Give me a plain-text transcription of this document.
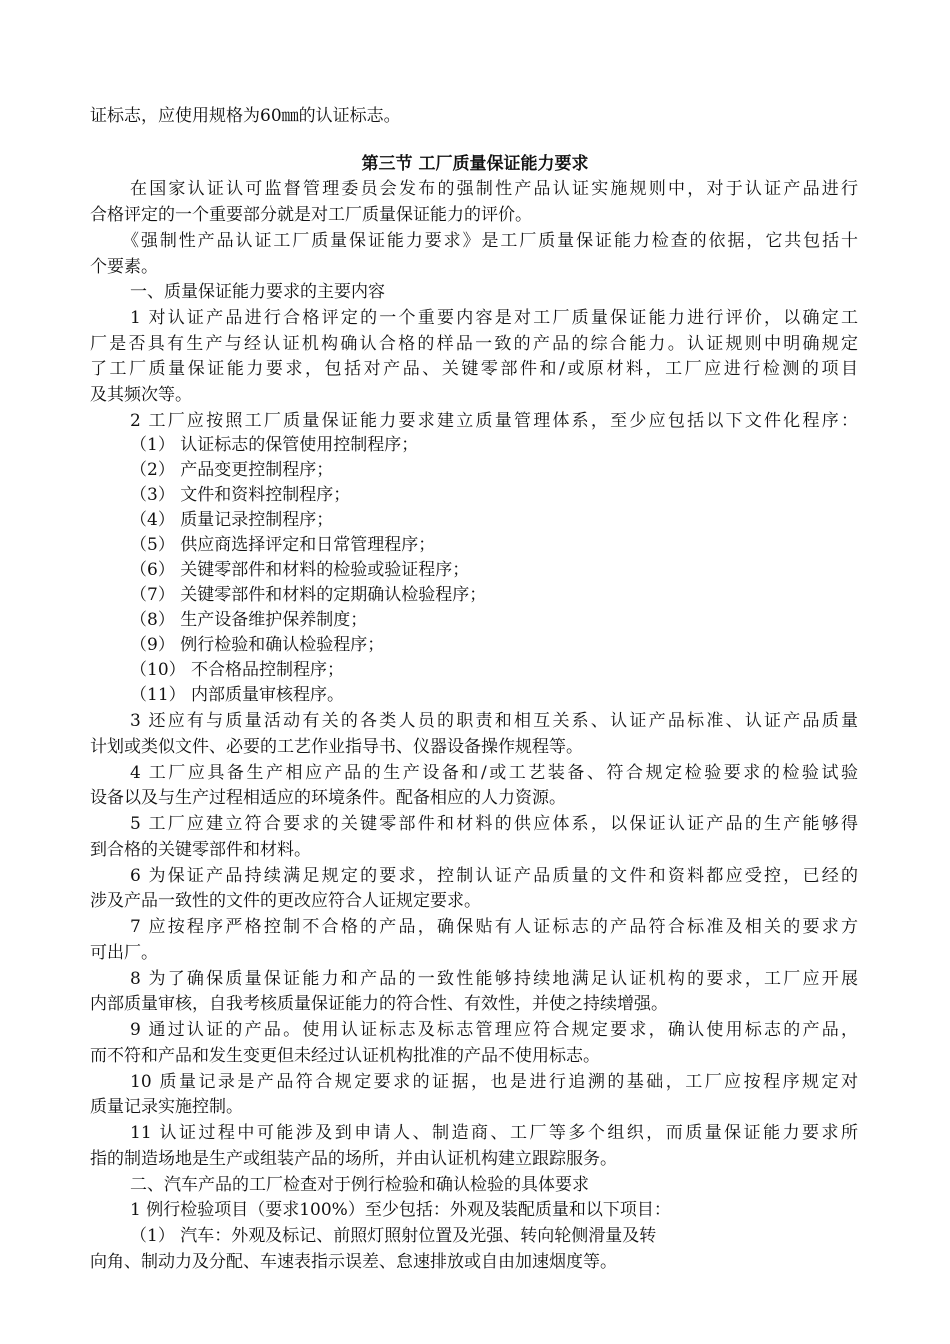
证标志，应使用规格为60㎜的认证标志。
第三节 工厂质量保证能力要求
在国家认证认可监督管理委员会发布的强制性产品认证实施规则中，对于认证产品进行
合格评定的一个重要部分就是对工厂质量保证能力的评价。
《强制性产品认证工厂质量保证能力要求》是工厂质量保证能力检查的依据，它共包括十
个要素。
一、质量保证能力要求的主要内容
1 对认证产品进行合格评定的一个重要内容是对工厂质量保证能力进行评价，以确定工
厂是否具有生产与经认证机构确认合格的样品一致的产品的综合能力。认证规则中明确规定
了工厂质量保证能力要求，包括对产品、关键零部件和/或原材料，工厂应进行检测的项目
及其频次等。
2 工厂应按照工厂质量保证能力要求建立质量管理体系，至少应包括以下文件化程序：
（1） 认证标志的保管使用控制程序；
（2） 产品变更控制程序；
（3） 文件和资料控制程序；
（4） 质量记录控制程序；
（5） 供应商选择评定和日常管理程序；
（6） 关键零部件和材料的检验或验证程序；
（7） 关键零部件和材料的定期确认检验程序；
（8） 生产设备维护保养制度；
（9） 例行检验和确认检验程序；
（10） 不合格品控制程序；
（11） 内部质量审核程序。
3 还应有与质量活动有关的各类人员的职责和相互关系、认证产品标准、认证产品质量
计划或类似文件、必要的工艺作业指导书、仪器设备操作规程等。
4 工厂应具备生产相应产品的生产设备和/或工艺装备、符合规定检验要求的检验试验
设备以及与生产过程相适应的环境条件。配备相应的人力资源。
5 工厂应建立符合要求的关键零部件和材料的供应体系，以保证认证产品的生产能够得
到合格的关键零部件和材料。
6 为保证产品持续满足规定的要求，控制认证产品质量的文件和资料都应受控，已经的
涉及产品一致性的文件的更改应符合人证规定要求。
7 应按程序严格控制不合格的产品，确保贴有人证标志的产品符合标准及相关的要求方
可出厂。
8 为了确保质量保证能力和产品的一致性能够持续地满足认证机构的要求，工厂应开展
内部质量审核，自我考核质量保证能力的符合性、有效性，并使之持续增强。
9 通过认证的产品。使用认证标志及标志管理应符合规定要求，确认使用标志的产品，
而不符和产品和发生变更但未经过认证机构批准的产品不使用标志。
10 质量记录是产品符合规定要求的证据，也是进行追溯的基础，工厂应按程序规定对
质量记录实施控制。
11 认证过程中可能涉及到申请人、制造商、工厂等多个组织，而质量保证能力要求所
指的制造场地是生产或组装产品的场所，并由认证机构建立跟踪服务。
二、汽车产品的工厂检查对于例行检验和确认检验的具体要求
1 例行检验项目（要求100%）至少包括：外观及装配质量和以下项目：
（1） 汽车：外观及标记、前照灯照射位置及光强、转向轮侧滑量及转
向角、制动力及分配、车速表指示误差、怠速排放或自由加速烟度等。
